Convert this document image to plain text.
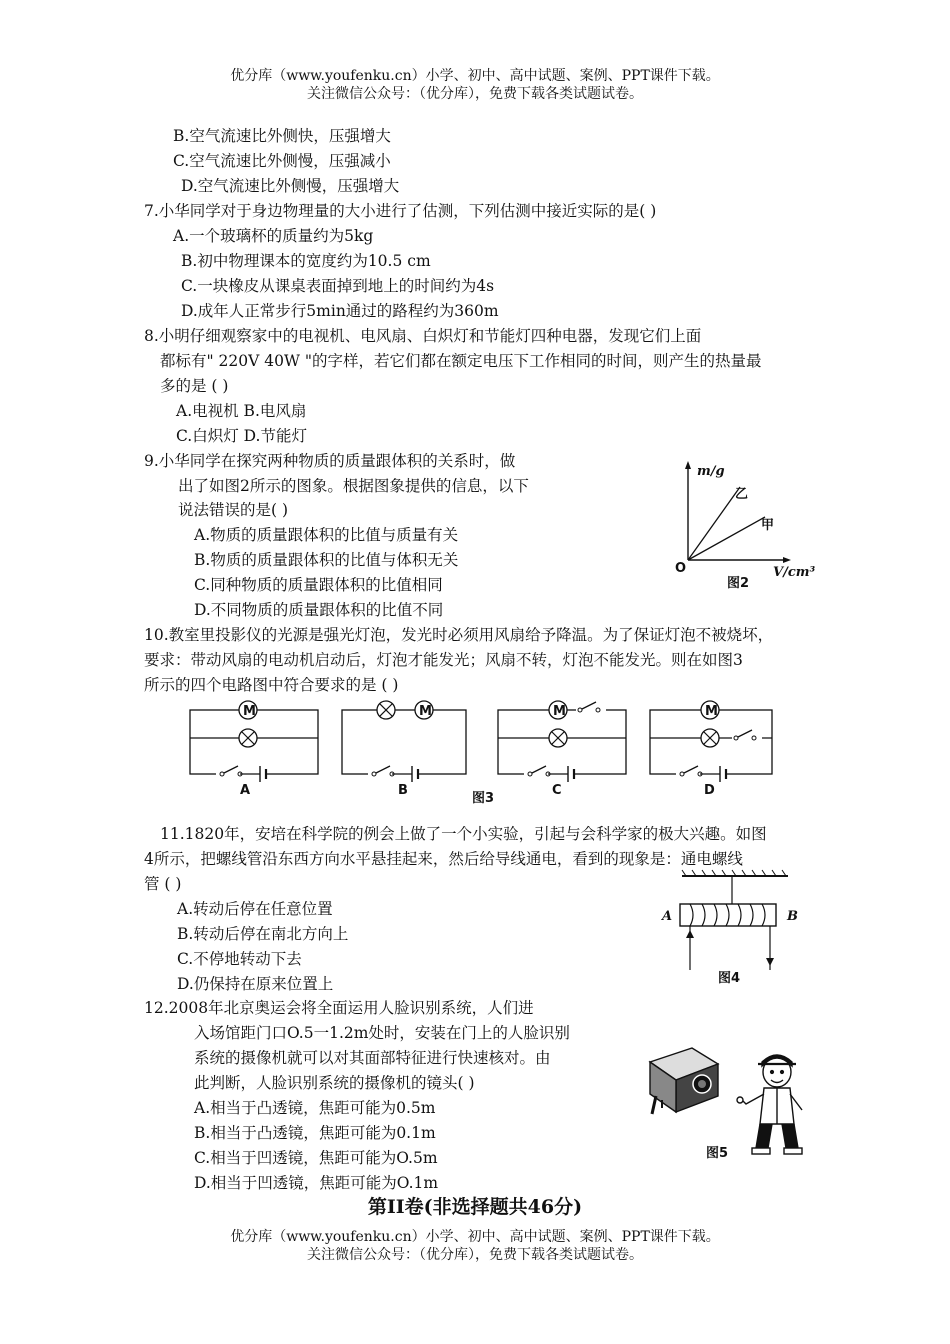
优分库（www.youfenku.cn）小学、初中、高中试题、案例、PPT课件下载。
关注微信公众号：（优分库），免费下载各类试题试卷。
B.空气流速比外侧快，压强增大
C.空气流速比外侧慢，压强减小
D.空气流速比外侧慢，压强增大
7.小华同学对于身边物理量的大小进行了估测，下列估测中接近实际的是( )
A.一个玻璃杯的质量约为5kg
B.初中物理课本的宽度约为10.5 cm
C.一块橡皮从课桌表面掉到地上的时间约为4s
D.成年人正常步行5min通过的路程约为360m
8.小明仔细观察家中的电视机、电风扇、白炽灯和节能灯四种电器，发现它们上面
都标有" 220V 40W "的字样，若它们都在额定电压下工作相同的时间，则产生的热量最
多的是 ( )
A.电视机 B.电风扇
C.白炽灯 D.节能灯
9.小华同学在探究两种物质的质量跟体积的关系时，做
出了如图2所示的图象。根据图象提供的信息，以下
说法错误的是( )
A.物质的质量跟体积的比值与质量有关
B.物质的质量跟体积的比值与体积无关
C.同种物质的质量跟体积的比值相同
D.不同物质的质量跟体积的比值不同
m/g
乙
甲
O	V/cm³
图2
10.教室里投影仪的光源是强光灯泡，发光时必须用风扇给予降温。为了保证灯泡不被烧坏，
要求：带动风扇的电动机启动后，灯泡才能发光；风扇不转，灯泡不能发光。则在如图3
所示的四个电路图中符合要求的是 ( )
M
A
M
B
M
C
M
D
图3
11.1820年，安培在科学院的例会上做了一个小实验，引起与会科学家的极大兴趣。如图
4所示，把螺线管沿东西方向水平悬挂起来，然后给导线通电，看到的现象是：通电螺线
管 ( )
A.转动后停在任意位置
B.转动后停在南北方向上
C.不停地转动下去
D.仍保持在原来位置上
A	B
图4
12.2008年北京奥运会将全面运用人脸识别系统，人们进
入场馆距门口O.5一1.2m处时，安装在门上的人脸识别
系统的摄像机就可以对其面部特征进行快速核对。由
此判断，人脸识别系统的摄像机的镜头( )
A.相当于凸透镜，焦距可能为0.5m
B.相当于凸透镜，焦距可能为0.1m
C.相当于凹透镜，焦距可能为O.5m
D.相当于凹透镜，焦距可能为O.1m
图5
第II卷(非选择题共46分)
优分库（www.youfenku.cn）小学、初中、高中试题、案例、PPT课件下载。
关注微信公众号：（优分库），免费下载各类试题试卷。
